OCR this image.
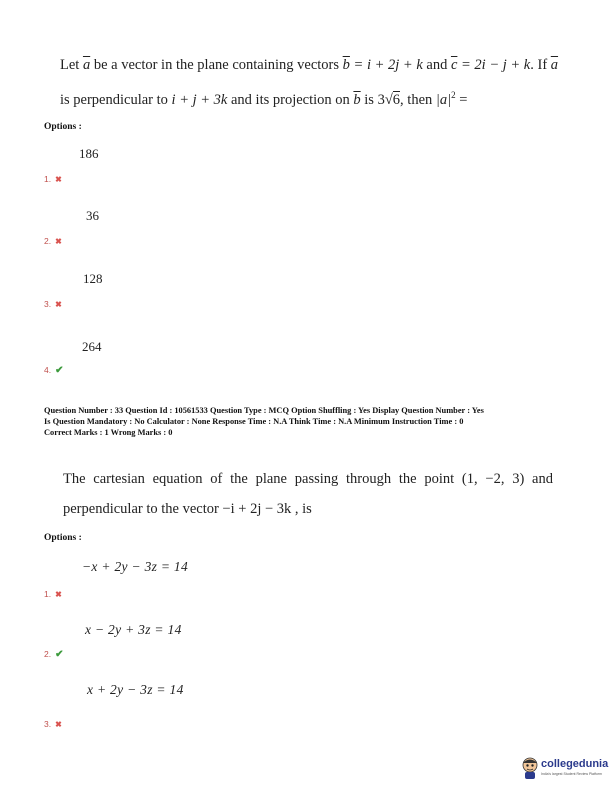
Let $\overline{a}$ be a vector in the plane containing vectors $\overline{b} = i + 2j + k$ and $\overline{c} = 2i - j + k$. If $\overline{a}$
is perpendicular to i + j + 3k and its projection on $\overline{b}$ is 3√6, then $|a|^2$ =
Options :
186
1. ✖
36
2. ✖
128
3. ✖
264
4. ✔
Question Number : 33 Question Id : 10561533 Question Type : MCQ Option Shuffling : Yes Display Question Number : Yes
Is Question Mandatory : No Calculator : None Response Time : N.A Think Time : N.A Minimum Instruction Time : 0
Correct Marks : 1 Wrong Marks : 0
The cartesian equation of the plane passing through the point (1, −2, 3) and
perpendicular to the vector −i + 2j − 3k , is
Options :
−x + 2y − 3z = 14
1. ✖
x − 2y + 3z = 14
2. ✔
x + 2y − 3z = 14
3. ✖
collegedunia
India's largest Student Review Platform
